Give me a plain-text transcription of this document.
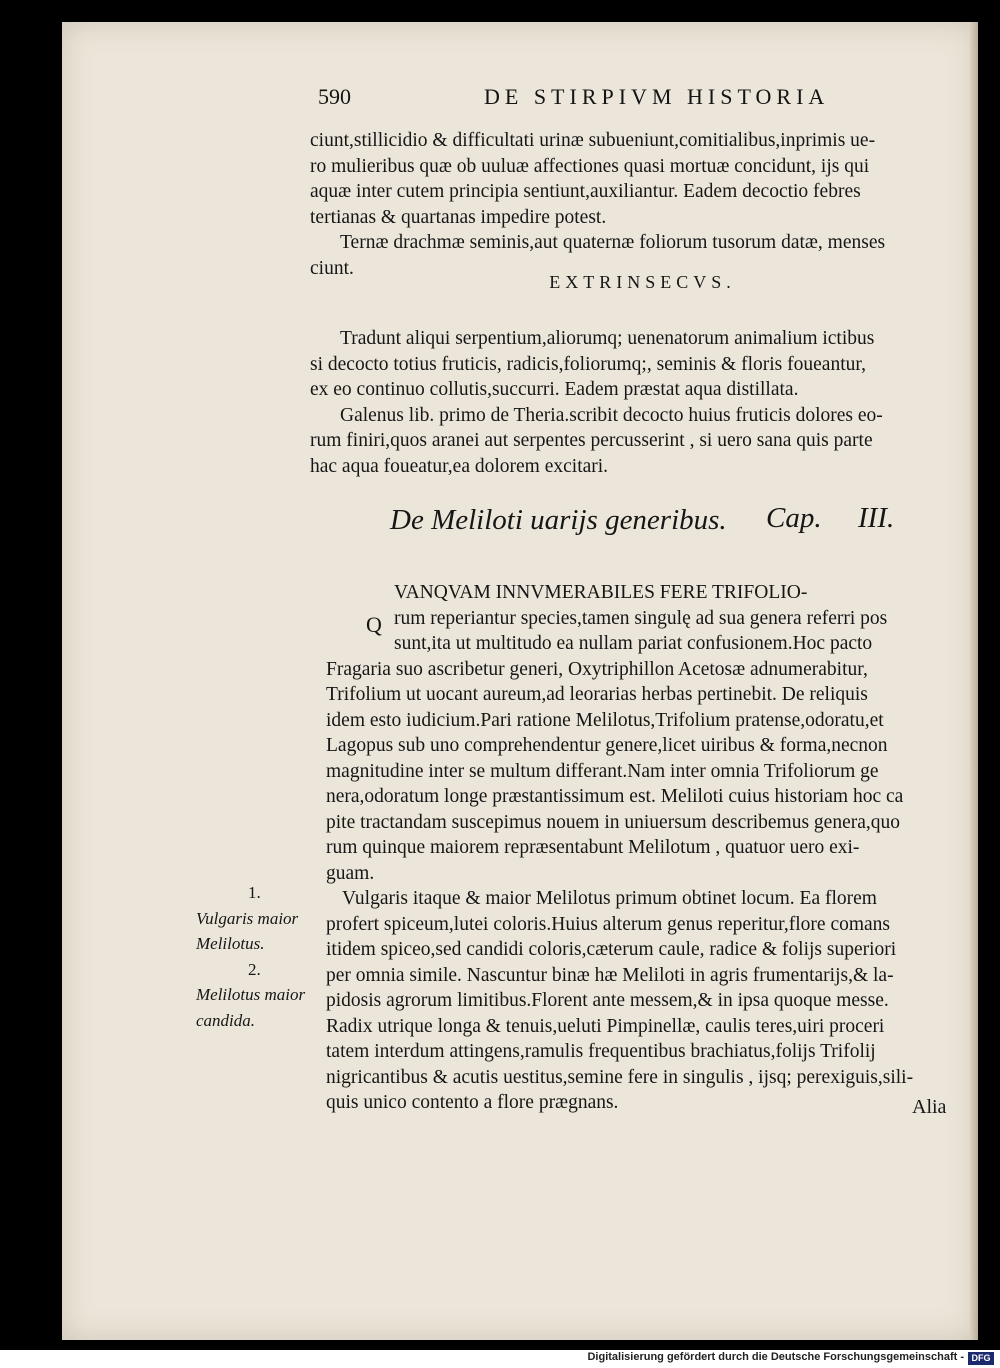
590	DE STIRPIVM HISTORIA
ciunt,stillicidio & difficultati urinæ subueniunt,comitialibus,inprimis ue-
ro mulieribus quæ ob uuluæ affectiones quasi mortuæ concidunt, ijs qui
aquæ inter cutem principia sentiunt,auxiliantur. Eadem decoctio febres
tertianas & quartanas impedire potest.
Ternæ drachmæ seminis,aut quaternæ foliorum tusorum datæ, menses
ciunt.
EXTRINSECVS.
Tradunt aliqui serpentium,aliorumq; uenenatorum animalium ictibus
si decocto totius fruticis, radicis,foliorumq;, seminis & floris foueantur,
ex eo continuo collutis,succurri. Eadem præstat aqua distillata.
Galenus lib. primo de Theria.scribit decocto huius fruticis dolores eo-
rum finiri,quos aranei aut serpentes percusserint , si uero sana quis parte
hac aqua foueatur,ea dolorem excitari.
De Meliloti uarijs generibus. Cap. III.
Q
VANQVAM INNVMERABILES FERE TRIFOLIO-
rum reperiantur species,tamen singulę ad sua genera referri pos
sunt,ita ut multitudo ea nullam pariat confusionem.Hoc pacto
Fragaria suo ascribetur generi, Oxytriphillon Acetosæ adnumerabitur,
Trifolium ut uocant aureum,ad leorarias herbas pertinebit. De reliquis
idem esto iudicium.Pari ratione Melilotus,Trifolium pratense,odoratu,et
Lagopus sub uno comprehendentur genere,licet uiribus & forma,necnon
magnitudine inter se multum differant.Nam inter omnia Trifoliorum ge
nera,odoratum longe præstantissimum est. Meliloti cuius historiam hoc ca
pite tractandam suscepimus nouem in uniuersum describemus genera,quo
rum quinque maiorem repræsentabunt Melilotum , quatuor uero exi-
guam.
Vulgaris itaque & maior Melilotus primum obtinet locum. Ea florem
profert spiceum,lutei coloris.Huius alterum genus reperitur,flore comans
itidem spiceo,sed candidi coloris,cæterum caule, radice & folijs superiori
per omnia simile. Nascuntur binæ hæ Meliloti in agris frumentarijs,& la-
pidosis agrorum limitibus.Florent ante messem,& in ipsa quoque messe.
Radix utrique longa & tenuis,ueluti Pimpinellæ, caulis teres,uiri proceri
tatem interdum attingens,ramulis frequentibus brachiatus,folijs Trifolij
nigricantibus & acutis uestitus,semine fere in singulis , ijsq; perexiguis,sili-
quis unico contento a flore prægnans.
1.
Vulgaris maior
Melilotus.
2.
Melilotus maior
candida.
Alia
Digitalisierung gefördert durch die Deutsche Forschungsgemeinschaft - DFG
